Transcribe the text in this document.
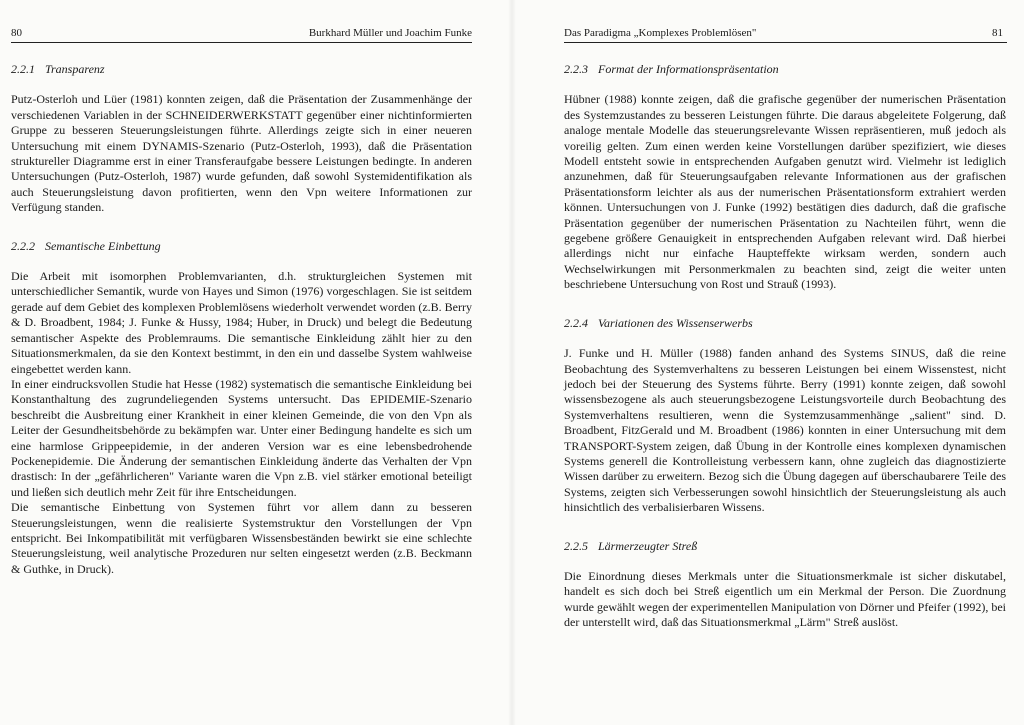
80	Burkhard Müller und Joachim Funke

2.2.1 Transparenz

Putz-Osterloh und Lüer (1981) konnten zeigen, daß die Präsentation der Zusammenhänge der verschiedenen Variablen in der SCHNEIDERWERKSTATT gegenüber einer nichtinformierten Gruppe zu besseren Steuerungsleistungen führte. Allerdings zeigte sich in einer neueren Untersuchung mit einem DYNAMIS-Szenario (Putz-Osterloh, 1993), daß die Präsentation struktureller Diagramme erst in einer Transferaufgabe bessere Leistungen bedingte. In anderen Untersuchungen (Putz-Osterloh, 1987) wurde gefunden, daß sowohl Systemidentifikation als auch Steuerungsleistung davon profitierten, wenn den Vpn weitere Informationen zur Verfügung standen.

2.2.2 Semantische Einbettung

Die Arbeit mit isomorphen Problemvarianten, d.h. strukturgleichen Systemen mit unterschiedlicher Semantik, wurde von Hayes und Simon (1976) vorgeschlagen. Sie ist seitdem gerade auf dem Gebiet des komplexen Problemlösens wiederholt verwendet worden (z.B. Berry & D. Broadbent, 1984; J. Funke & Hussy, 1984; Huber, in Druck) und belegt die Bedeutung semantischer Aspekte des Problemraums. Die semantische Einkleidung zählt hier zu den Situationsmerkmalen, da sie den Kontext bestimmt, in den ein und dasselbe System wahlweise eingebettet werden kann.

In einer eindrucksvollen Studie hat Hesse (1982) systematisch die semantische Einkleidung bei Konstanthaltung des zugrundeliegenden Systems untersucht. Das EPIDEMIE-Szenario beschreibt die Ausbreitung einer Krankheit in einer kleinen Gemeinde, die von den Vpn als Leiter der Gesundheitsbehörde zu bekämpfen war. Unter einer Bedingung handelte es sich um eine harmlose Grippeepidemie, in der anderen Version war es eine lebensbedrohende Pockenepidemie. Die Änderung der semantischen Einkleidung änderte das Verhalten der Vpn drastisch: In der „gefährlicheren" Variante waren die Vpn z.B. viel stärker emotional beteiligt und ließen sich deutlich mehr Zeit für ihre Entscheidungen.

Die semantische Einbettung von Systemen führt vor allem dann zu besseren Steuerungsleistungen, wenn die realisierte Systemstruktur den Vorstellungen der Vpn entspricht. Bei Inkompatibilität mit verfügbaren Wissensbeständen bewirkt sie eine schlechte Steuerungsleistung, weil analytische Prozeduren nur selten eingesetzt werden (z.B. Beckmann & Guthke, in Druck).

Das Paradigma „Komplexes Problemlösen"	81

2.2.3 Format der Informationspräsentation

Hübner (1988) konnte zeigen, daß die grafische gegenüber der numerischen Präsentation des Systemzustandes zu besseren Leistungen führte. Die daraus abgeleitete Folgerung, daß analoge mentale Modelle das steuerungsrelevante Wissen repräsentieren, muß jedoch als voreilig gelten. Zum einen werden keine Vorstellungen darüber spezifiziert, wie dieses Modell entsteht sowie in entsprechenden Aufgaben genutzt wird. Vielmehr ist lediglich anzunehmen, daß für Steuerungsaufgaben relevante Informationen aus der grafischen Präsentationsform leichter als aus der numerischen Präsentationsform extrahiert werden können. Untersuchungen von J. Funke (1992) bestätigen dies dadurch, daß die grafische Präsentation gegenüber der numerischen Präsentation zu Nachteilen führt, wenn die gegebene größere Genauigkeit in entsprechenden Aufgaben relevant wird. Daß hierbei allerdings nicht nur einfache Haupteffekte wirksam werden, sondern auch Wechselwirkungen mit Personmerkmalen zu beachten sind, zeigt die weiter unten beschriebene Untersuchung von Rost und Strauß (1993).

2.2.4 Variationen des Wissenserwerbs

J. Funke und H. Müller (1988) fanden anhand des Systems SINUS, daß die reine Beobachtung des Systemverhaltens zu besseren Leistungen bei einem Wissenstest, nicht jedoch bei der Steuerung des Systems führte. Berry (1991) konnte zeigen, daß sowohl wissensbezogene als auch steuerungsbezogene Leistungsvorteile durch Beobachtung des Systemverhaltens resultieren, wenn die Systemzusammenhänge „salient" sind. D. Broadbent, FitzGerald und M. Broadbent (1986) konnten in einer Untersuchung mit dem TRANSPORT-System zeigen, daß Übung in der Kontrolle eines komplexen dynamischen Systems generell die Kontrolleistung verbessern kann, ohne zugleich das diagnostizierte Wissen darüber zu erweitern. Bezog sich die Übung dagegen auf überschaubarere Teile des Systems, zeigten sich Verbesserungen sowohl hinsichtlich der Steuerungsleistung als auch hinsichtlich des verbalisierbaren Wissens.

2.2.5 Lärmerzeugter Streß

Die Einordnung dieses Merkmals unter die Situationsmerkmale ist sicher diskutabel, handelt es sich doch bei Streß eigentlich um ein Merkmal der Person. Die Zuordnung wurde gewählt wegen der experimentellen Manipulation von Dörner und Pfeifer (1992), bei der unterstellt wird, daß das Situationsmerkmal „Lärm" Streß auslöst.
